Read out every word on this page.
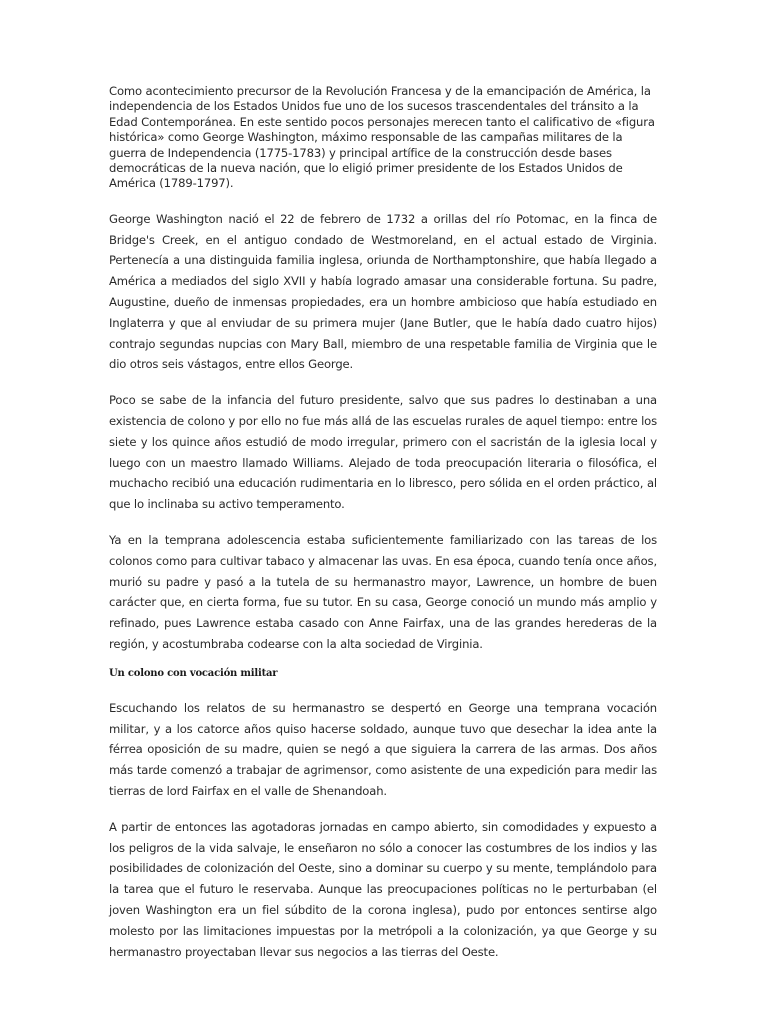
Como acontecimiento precursor de la Revolución Francesa y de la emancipación de América, la independencia de los Estados Unidos fue uno de los sucesos trascendentales del tránsito a la Edad Contemporánea. En este sentido pocos personajes merecen tanto el calificativo de «figura histórica» como George Washington, máximo responsable de las campañas militares de la guerra de Independencia (1775-1783) y principal artífice de la construcción desde bases democráticas de la nueva nación, que lo eligió primer presidente de los Estados Unidos de América (1789-1797).

George Washington nació el 22 de febrero de 1732 a orillas del río Potomac, en la finca de Bridge's Creek, en el antiguo condado de Westmoreland, en el actual estado de Virginia. Pertenecía a una distinguida familia inglesa, oriunda de Northamptonshire, que había llegado a América a mediados del siglo XVII y había logrado amasar una considerable fortuna. Su padre, Augustine, dueño de inmensas propiedades, era un hombre ambicioso que había estudiado en Inglaterra y que al enviudar de su primera mujer (Jane Butler, que le había dado cuatro hijos) contrajo segundas nupcias con Mary Ball, miembro de una respetable familia de Virginia que le dio otros seis vástagos, entre ellos George.

Poco se sabe de la infancia del futuro presidente, salvo que sus padres lo destinaban a una existencia de colono y por ello no fue más allá de las escuelas rurales de aquel tiempo: entre los siete y los quince años estudió de modo irregular, primero con el sacristán de la iglesia local y luego con un maestro llamado Williams. Alejado de toda preocupación literaria o filosófica, el muchacho recibió una educación rudimentaria en lo libresco, pero sólida en el orden práctico, al que lo inclinaba su activo temperamento.

Ya en la temprana adolescencia estaba suficientemente familiarizado con las tareas de los colonos como para cultivar tabaco y almacenar las uvas. En esa época, cuando tenía once años, murió su padre y pasó a la tutela de su hermanastro mayor, Lawrence, un hombre de buen carácter que, en cierta forma, fue su tutor. En su casa, George conoció un mundo más amplio y refinado, pues Lawrence estaba casado con Anne Fairfax, una de las grandes herederas de la región, y acostumbraba codearse con la alta sociedad de Virginia.

Un colono con vocación militar

Escuchando los relatos de su hermanastro se despertó en George una temprana vocación militar, y a los catorce años quiso hacerse soldado, aunque tuvo que desechar la idea ante la férrea oposición de su madre, quien se negó a que siguiera la carrera de las armas. Dos años más tarde comenzó a trabajar de agrimensor, como asistente de una expedición para medir las tierras de lord Fairfax en el valle de Shenandoah.

A partir de entonces las agotadoras jornadas en campo abierto, sin comodidades y expuesto a los peligros de la vida salvaje, le enseñaron no sólo a conocer las costumbres de los indios y las posibilidades de colonización del Oeste, sino a dominar su cuerpo y su mente, templándolo para la tarea que el futuro le reservaba. Aunque las preocupaciones políticas no le perturbaban (el joven Washington era un fiel súbdito de la corona inglesa), pudo por entonces sentirse algo molesto por las limitaciones impuestas por la metrópoli a la colonización, ya que George y su hermanastro proyectaban llevar sus negocios a las tierras del Oeste.
